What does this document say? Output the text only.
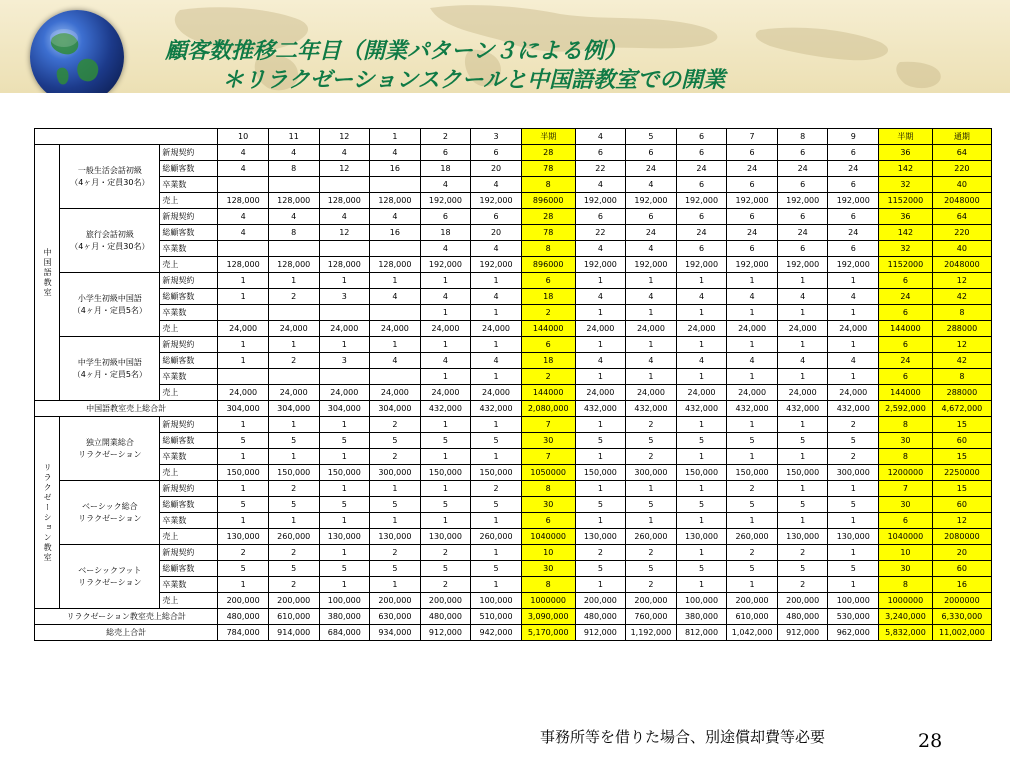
顧客数推移二年目（開業パターン３による例）
＊リラクゼーションスクールと中国語教室での開業
			10	11	12	1	2	3	半期	4	5	6	7	8	9	半期	通期
中国語教室	一般生活会話初級
（4ヶ月・定員30名）	新規契約	4	4	4	4	6	6	28	6	6	6	6	6	6	36	64
		総顧客数	4	8	12	16	18	20	78	22	24	24	24	24	24	142	220
		卒業数					4	4	8	4	4	6	6	6	6	32	40
		売上	128,000	128,000	128,000	128,000	192,000	192,000	896000	192,000	192,000	192,000	192,000	192,000	192,000	1152000	2048000
	旅行会話初級
（4ヶ月・定員30名）	新規契約	4	4	4	4	6	6	28	6	6	6	6	6	6	36	64
		総顧客数	4	8	12	16	18	20	78	22	24	24	24	24	24	142	220
		卒業数					4	4	8	4	4	6	6	6	6	32	40
		売上	128,000	128,000	128,000	128,000	192,000	192,000	896000	192,000	192,000	192,000	192,000	192,000	192,000	1152000	2048000
	小学生初級中国語
（4ヶ月・定員5名）	新規契約	1	1	1	1	1	1	6	1	1	1	1	1	1	6	12
		総顧客数	1	2	3	4	4	4	18	4	4	4	4	4	4	24	42
		卒業数					1	1	2	1	1	1	1	1	1	6	8
		売上	24,000	24,000	24,000	24,000	24,000	24,000	144000	24,000	24,000	24,000	24,000	24,000	24,000	144000	288000
	中学生初級中国語
（4ヶ月・定員5名）	新規契約	1	1	1	1	1	1	6	1	1	1	1	1	1	6	12
		総顧客数	1	2	3	4	4	4	18	4	4	4	4	4	4	24	42
		卒業数					1	1	2	1	1	1	1	1	1	6	8
		売上	24,000	24,000	24,000	24,000	24,000	24,000	144000	24,000	24,000	24,000	24,000	24,000	24,000	144000	288000
中国語教室売上総合計			304,000	304,000	304,000	304,000	432,000	432,000	2,080,000	432,000	432,000	432,000	432,000	432,000	432,000	2,592,000	4,672,000
リラクゼーション教室	独立開業総合
リラクゼーション	新規契約	1	1	1	2	1	1	7	1	2	1	1	1	2	8	15
		総顧客数	5	5	5	5	5	5	30	5	5	5	5	5	5	30	60
		卒業数	1	1	1	2	1	1	7	1	2	1	1	1	2	8	15
		売上	150,000	150,000	150,000	300,000	150,000	150,000	1050000	150,000	300,000	150,000	150,000	150,000	300,000	1200000	2250000
	ベーシック総合
リラクゼーション	新規契約	1	2	1	1	1	2	8	1	1	1	2	1	1	7	15
		総顧客数	5	5	5	5	5	5	30	5	5	5	5	5	5	30	60
		卒業数	1	1	1	1	1	1	6	1	1	1	1	1	1	6	12
		売上	130,000	260,000	130,000	130,000	130,000	260,000	1040000	130,000	260,000	130,000	260,000	130,000	130,000	1040000	2080000
	ベーシックフット
リラクゼーション	新規契約	2	2	1	2	2	1	10	2	2	1	2	2	1	10	20
		総顧客数	5	5	5	5	5	5	30	5	5	5	5	5	5	30	60
		卒業数	1	2	1	1	2	1	8	1	2	1	1	2	1	8	16
		売上	200,000	200,000	100,000	200,000	200,000	100,000	1000000	200,000	200,000	100,000	200,000	200,000	100,000	1000000	2000000
リラクゼーション教室売上総合計			480,000	610,000	380,000	630,000	480,000	510,000	3,090,000	480,000	760,000	380,000	610,000	480,000	530,000	3,240,000	6,330,000
総売上合計			784,000	914,000	684,000	934,000	912,000	942,000	5,170,000	912,000	1,192,000	812,000	1,042,000	912,000	962,000	5,832,000	11,002,000
事務所等を借りた場合、別途償却費等必要	28
